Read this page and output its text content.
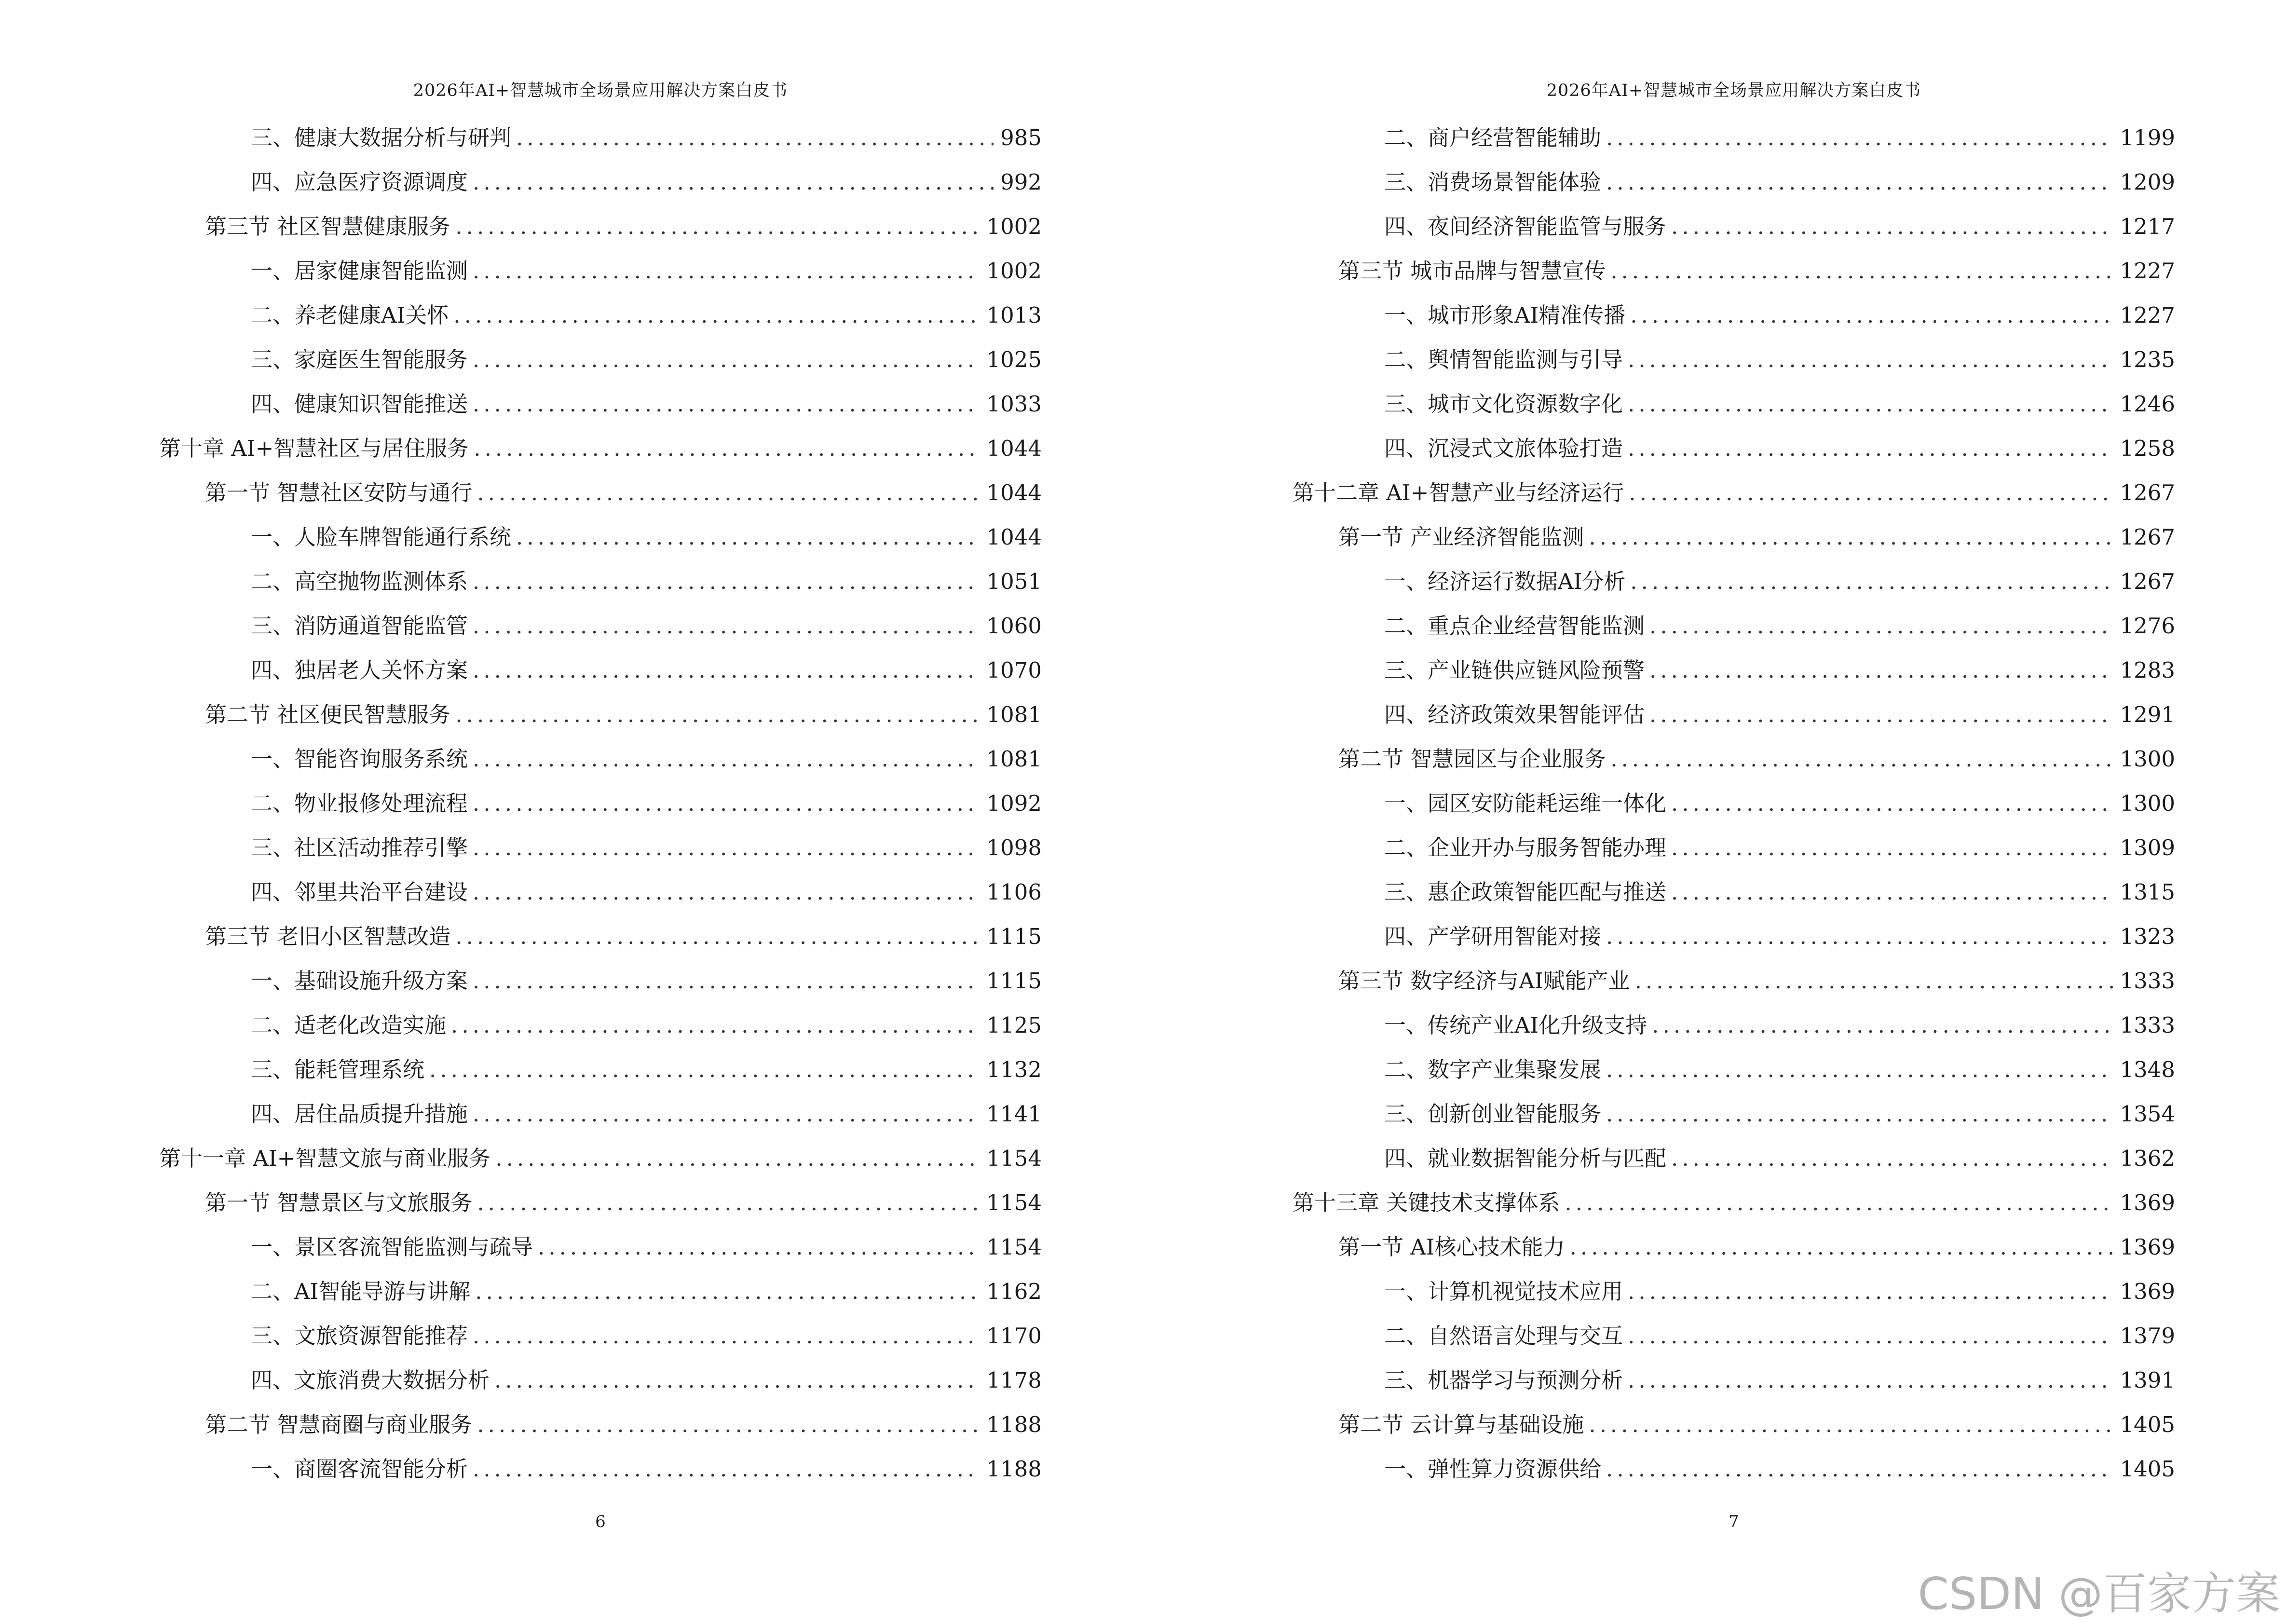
2026年AI+智慧城市全场景应用解决方案白皮书
三、健康大数据分析与研判 .....	985
四、应急医疗资源调度 .....	992
第三节 社区智慧健康服务 .....	1002
一、居家健康智能监测 .....	1002
二、养老健康AI关怀 .....	1013
三、家庭医生智能服务 .....	1025
四、健康知识智能推送 .....	1033
第十章 AI+智慧社区与居住服务 .....	1044
第一节 智慧社区安防与通行 .....	1044
一、人脸车牌智能通行系统 .....	1044
二、高空抛物监测体系 .....	1051
三、消防通道智能监管 .....	1060
四、独居老人关怀方案 .....	1070
第二节 社区便民智慧服务 .....	1081
一、智能咨询服务系统 .....	1081
二、物业报修处理流程 .....	1092
三、社区活动推荐引擎 .....	1098
四、邻里共治平台建设 .....	1106
第三节 老旧小区智慧改造 .....	1115
一、基础设施升级方案 .....	1115
二、适老化改造实施 .....	1125
三、能耗管理系统 .....	1132
四、居住品质提升措施 .....	1141
第十一章 AI+智慧文旅与商业服务 .....	1154
第一节 智慧景区与文旅服务 .....	1154
一、景区客流智能监测与疏导 .....	1154
二、AI智能导游与讲解 .....	1162
三、文旅资源智能推荐 .....	1170
四、文旅消费大数据分析 .....	1178
第二节 智慧商圈与商业服务 .....	1188
一、商圈客流智能分析 .....	1188
6
2026年AI+智慧城市全场景应用解决方案白皮书
二、商户经营智能辅助 .....	1199
三、消费场景智能体验 .....	1209
四、夜间经济智能监管与服务 .....	1217
第三节 城市品牌与智慧宣传 .....	1227
一、城市形象AI精准传播 .....	1227
二、舆情智能监测与引导 .....	1235
三、城市文化资源数字化 .....	1246
四、沉浸式文旅体验打造 .....	1258
第十二章 AI+智慧产业与经济运行 .....	1267
第一节 产业经济智能监测 .....	1267
一、经济运行数据AI分析 .....	1267
二、重点企业经营智能监测 .....	1276
三、产业链供应链风险预警 .....	1283
四、经济政策效果智能评估 .....	1291
第二节 智慧园区与企业服务 .....	1300
一、园区安防能耗运维一体化 .....	1300
二、企业开办与服务智能办理 .....	1309
三、惠企政策智能匹配与推送 .....	1315
四、产学研用智能对接 .....	1323
第三节 数字经济与AI赋能产业 .....	1333
一、传统产业AI化升级支持 .....	1333
二、数字产业集聚发展 .....	1348
三、创新创业智能服务 .....	1354
四、就业数据智能分析与匹配 .....	1362
第十三章 关键技术支撑体系 .....	1369
第一节 AI核心技术能力 .....	1369
一、计算机视觉技术应用 .....	1369
二、自然语言处理与交互 .....	1379
三、机器学习与预测分析 .....	1391
第二节 云计算与基础设施 .....	1405
一、弹性算力资源供给 .....	1405
7
CSDN @百家方案
